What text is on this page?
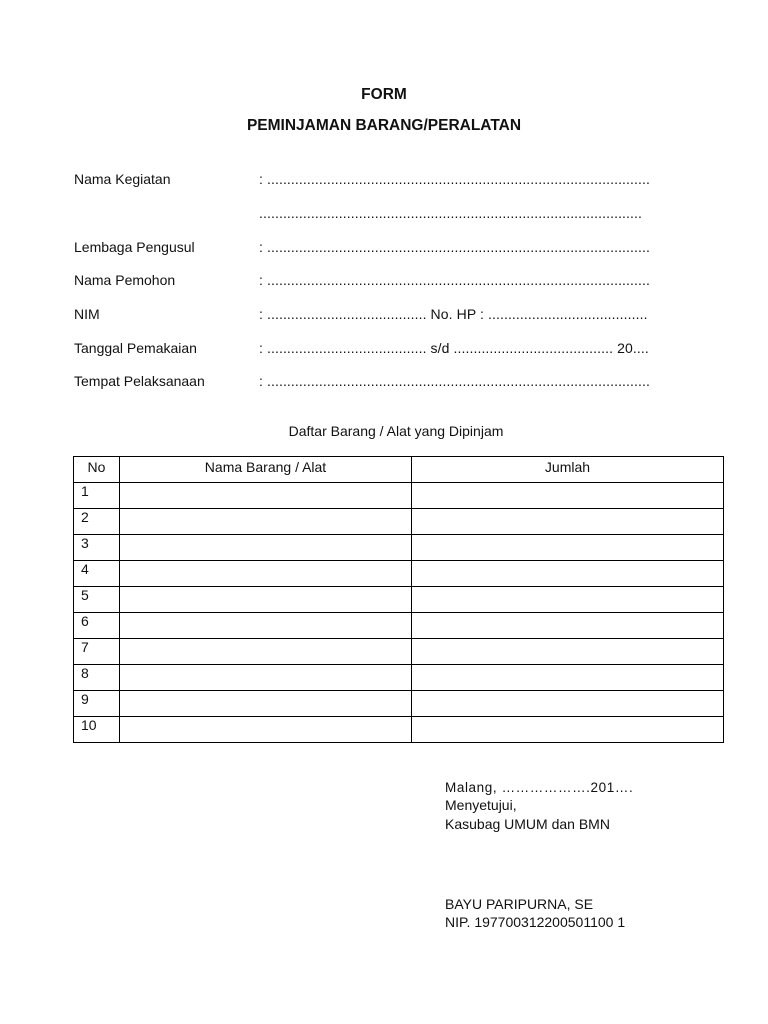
FORM
PEMINJAMAN BARANG/PERALATAN
Nama Kegiatan	: ................................................................................................
................................................................................................
Lembaga Pengusul	: ................................................................................................
Nama Pemohon	: ................................................................................................
NIM	: ........................................ No. HP : ........................................
Tanggal Pemakaian	: ........................................ s/d ........................................ 20....
Tempat Pelaksanaan	: ................................................................................................
Daftar Barang / Alat yang Dipinjam
No	Nama Barang / Alat	Jumlah
1		
2		
3		
4		
5		
6		
7		
8		
9		
10		
Malang, ……………….201….
Menyetujui,
Kasubag UMUM dan BMN
BAYU PARIPURNA, SE
NIP. 197700312200501100 1
